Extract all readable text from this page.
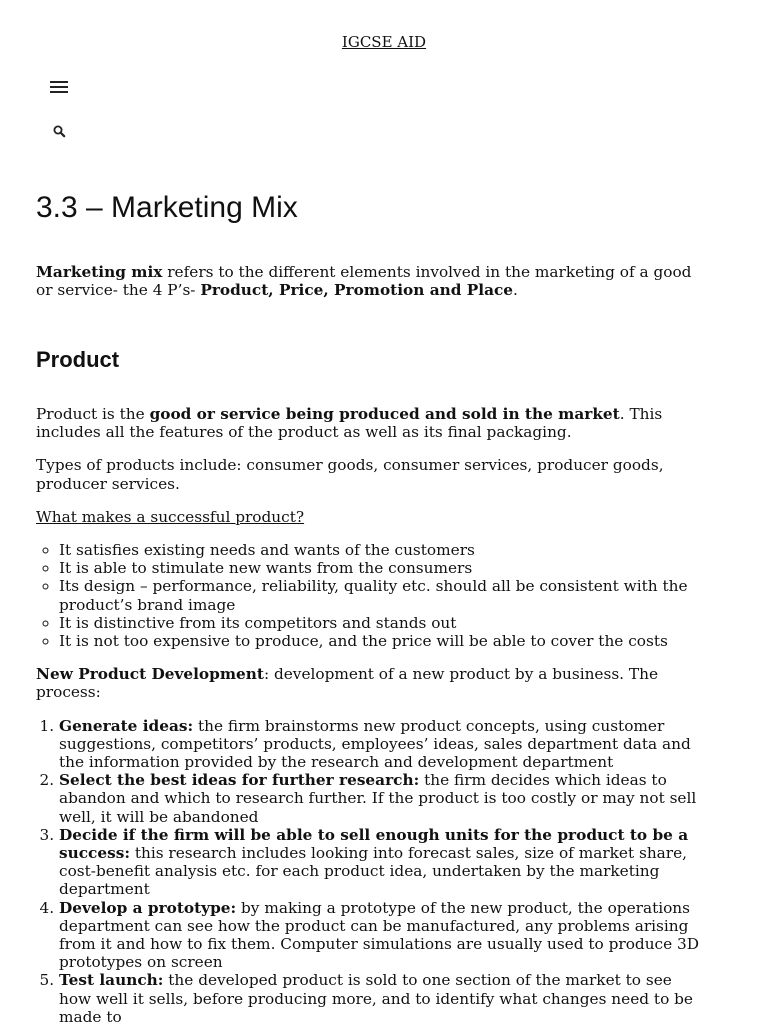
IGCSE AID
3.3 – Marketing Mix

Marketing mix refers to the different elements involved in the marketing of a good or service- the 4 P’s- Product, Price, Promotion and Place.

Product

Product is the good or service being produced and sold in the market. This includes all the features of the product as well as its final packaging.

Types of products include: consumer goods, consumer services, producer goods, producer services.

What makes a successful product?

◦ It satisfies existing needs and wants of the customers
◦ It is able to stimulate new wants from the consumers
◦ Its design – performance, reliability, quality etc. should all be consistent with the product’s brand image
◦ It is distinctive from its competitors and stands out
◦ It is not too expensive to produce, and the price will be able to cover the costs

New Product Development: development of a new product by a business. The process:

1. Generate ideas: the firm brainstorms new product concepts, using customer suggestions, competitors’ products, employees’ ideas, sales department data and the information provided by the research and development department
2. Select the best ideas for further research: the firm decides which ideas to abandon and which to research further. If the product is too costly or may not sell well, it will be abandoned
3. Decide if the firm will be able to sell enough units for the product to be a success: this research includes looking into forecast sales, size of market share, cost-benefit analysis etc. for each product idea, undertaken by the marketing department
4. Develop a prototype: by making a prototype of the new product, the operations department can see how the product can be manufactured, any problems arising from it and how to fix them. Computer simulations are usually used to produce 3D prototypes on screen
5. Test launch: the developed product is sold to one section of the market to see how well it sells, before producing more, and to identify what changes need to be made to
